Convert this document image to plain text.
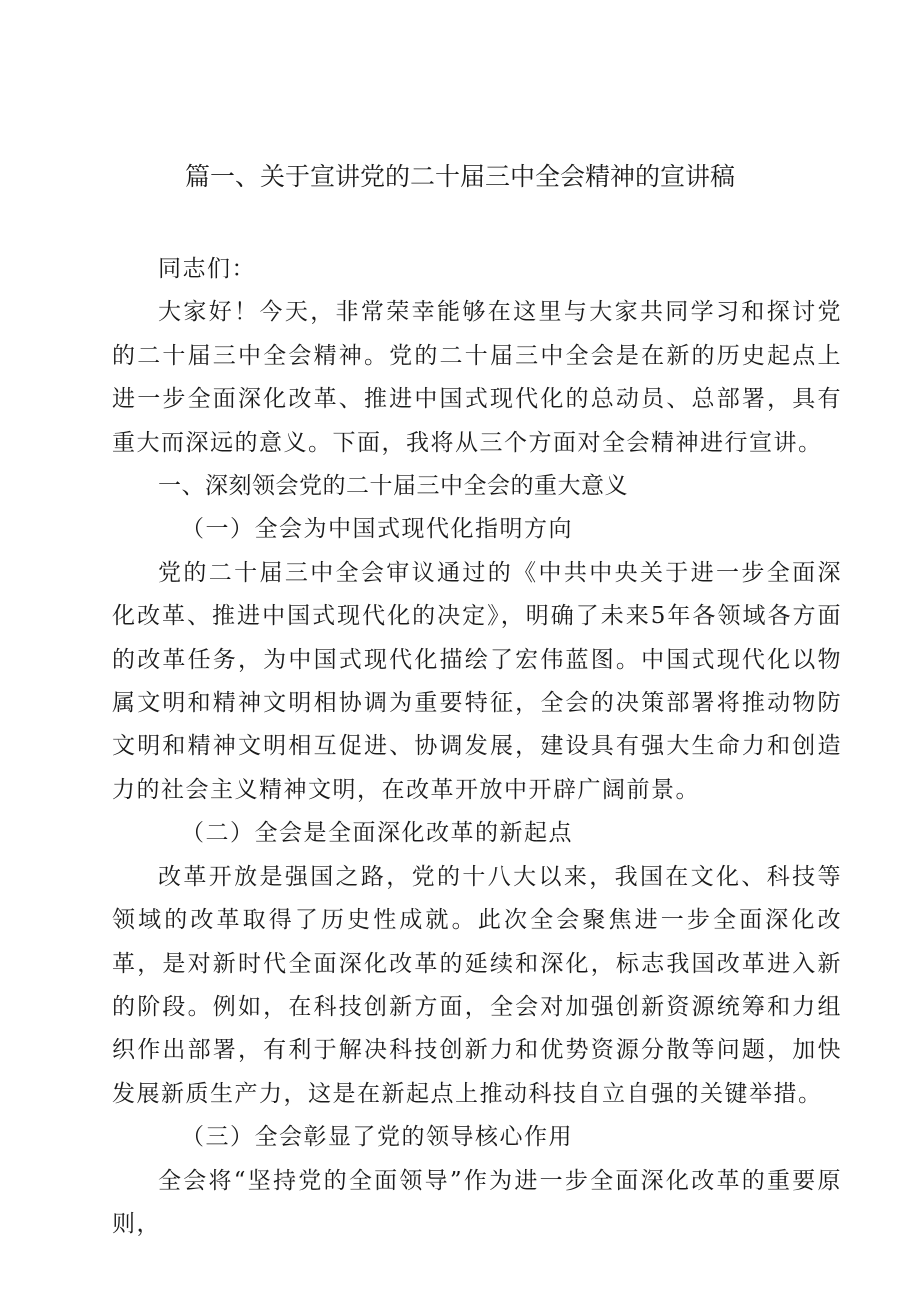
篇一、关于宣讲党的二十届三中全会精神的宣讲稿

同志们：

大家好！今天，非常荣幸能够在这里与大家共同学习和探讨党的二十届三中全会精神。党的二十届三中全会是在新的历史起点上进一步全面深化改革、推进中国式现代化的总动员、总部署，具有重大而深远的意义。下面，我将从三个方面对全会精神进行宣讲。

一、深刻领会党的二十届三中全会的重大意义

（一）全会为中国式现代化指明方向

党的二十届三中全会审议通过的《中共中央关于进一步全面深化改革、推进中国式现代化的决定》，明确了未来5年各领域各方面的改革任务，为中国式现代化描绘了宏伟蓝图。中国式现代化以物属文明和精神文明相协调为重要特征，全会的决策部署将推动物防文明和精神文明相互促进、协调发展，建设具有强大生命力和创造力的社会主义精神文明，在改革开放中开辟广阔前景。

（二）全会是全面深化改革的新起点

改革开放是强国之路，党的十八大以来，我国在文化、科技等领域的改革取得了历史性成就。此次全会聚焦进一步全面深化改革，是对新时代全面深化改革的延续和深化，标志我国改革进入新的阶段。例如，在科技创新方面，全会对加强创新资源统筹和力组织作出部署，有利于解决科技创新力和优势资源分散等问题，加快发展新质生产力，这是在新起点上推动科技自立自强的关键举措。

（三）全会彰显了党的领导核心作用

全会将“坚持党的全面领导”作为进一步全面深化改革的重要原则，
